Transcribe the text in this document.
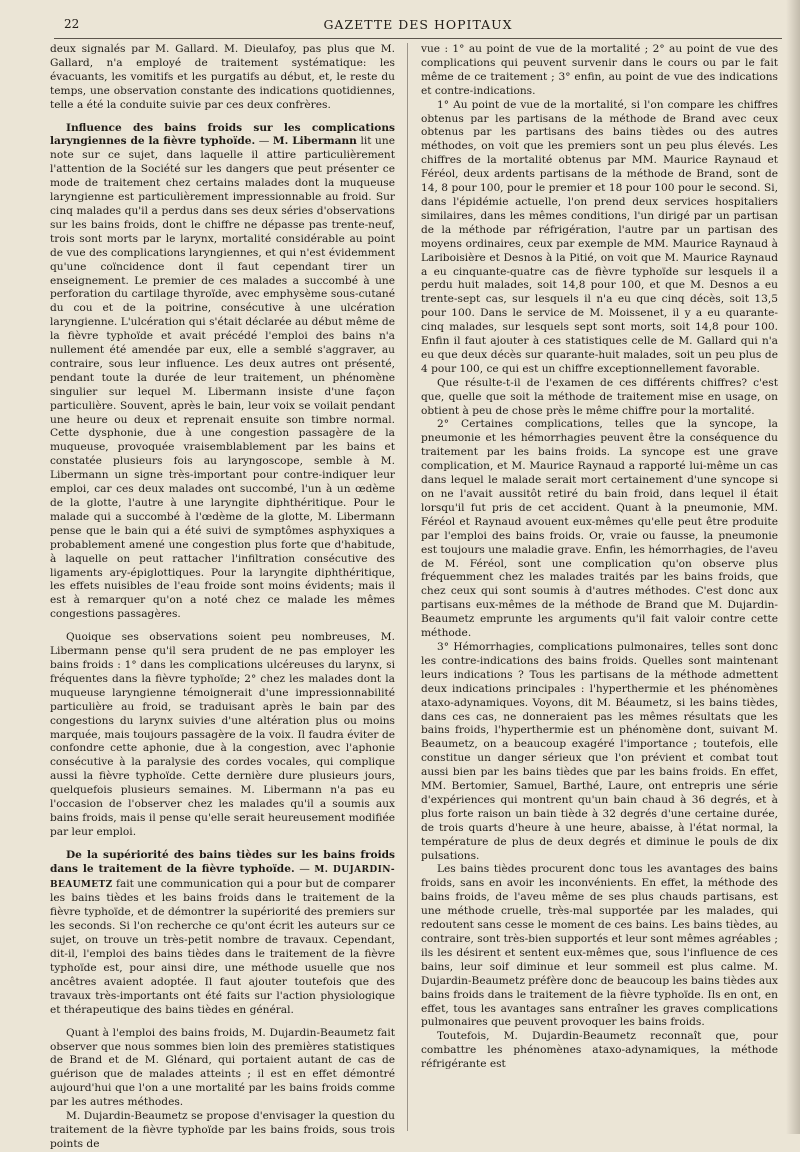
22	GAZETTE DES HOPITAUX

deux signalés par M. Gallard. M. Dieulafoy, pas plus que M. Gallard, n'a employé de traitement systématique: les évacuants, les vomitifs et les purgatifs au début, et, le reste du temps, une observation constante des indications quotidiennes, telle a été la conduite suivie par ces deux confrères.

Influence des bains froids sur les complications laryngiennes de la fièvre typhoïde. — M. Libermann lit une note sur ce sujet, dans laquelle il attire particulièrement l'attention de la Société sur les dangers que peut présenter ce mode de traitement chez certains malades dont la muqueuse laryngienne est particulièrement impressionnable au froid. Sur cinq malades qu'il a perdus dans ses deux séries d'observations sur les bains froids, dont le chiffre ne dépasse pas trente-neuf, trois sont morts par le larynx, mortalité considérable au point de vue des complications laryngiennes, et qui n'est évidemment qu'une coïncidence dont il faut cependant tirer un enseignement. Le premier de ces malades a succombé à une perforation du cartilage thyroïde, avec emphysème sous-cutané du cou et de la poitrine, consécutive à une ulcération laryngienne. L'ulcération qui s'était déclarée au début même de la fièvre typhoïde et avait précédé l'emploi des bains n'a nullement été amendée par eux, elle a semblé s'aggraver, au contraire, sous leur influence. Les deux autres ont présenté, pendant toute la durée de leur traitement, un phénomène singulier sur lequel M. Libermann insiste d'une façon particulière. Souvent, après le bain, leur voix se voilait pendant une heure ou deux et reprenait ensuite son timbre normal. Cette dysphonie, due à une congestion passagère de la muqueuse, provoquée vraisemblablement par les bains et constatée plusieurs fois au laryngoscope, semble à M. Libermann un signe très-important pour contre-indiquer leur emploi, car ces deux malades ont succombé, l'un à un œdème de la glotte, l'autre à une laryngite diphthéritique. Pour le malade qui a succombé à l'œdème de la glotte, M. Libermann pense que le bain qui a été suivi de symptômes asphyxiques a probablement amené une congestion plus forte que d'habitude, à laquelle on peut rattacher l'infiltration consécutive des ligaments ary-épiglottiques. Pour la laryngite diphthéritique, les effets nuisibles de l'eau froide sont moins évidents; mais il est à remarquer qu'on a noté chez ce malade les mêmes congestions passagères.

Quoique ses observations soient peu nombreuses, M. Libermann pense qu'il sera prudent de ne pas employer les bains froids : 1° dans les complications ulcéreuses du larynx, si fréquentes dans la fièvre typhoïde; 2° chez les malades dont la muqueuse laryngienne témoignerait d'une impressionnabilité particulière au froid, se traduisant après le bain par des congestions du larynx suivies d'une altération plus ou moins marquée, mais toujours passagère de la voix. Il faudra éviter de confondre cette aphonie, due à la congestion, avec l'aphonie consécutive à la paralysie des cordes vocales, qui complique aussi la fièvre typhoïde. Cette dernière dure plusieurs jours, quelquefois plusieurs semaines. M. Libermann n'a pas eu l'occasion de l'observer chez les malades qu'il a soumis aux bains froids, mais il pense qu'elle serait heureusement modifiée par leur emploi.

De la supériorité des bains tièdes sur les bains froids dans le traitement de la fièvre typhoïde. — M. DUJARDIN-BEAUMETZ fait une communication qui a pour but de comparer les bains tièdes et les bains froids dans le traitement de la fièvre typhoïde, et de démontrer la supériorité des premiers sur les seconds. Si l'on recherche ce qu'ont écrit les auteurs sur ce sujet, on trouve un très-petit nombre de travaux. Cependant, dit-il, l'emploi des bains tièdes dans le traitement de la fièvre typhoïde est, pour ainsi dire, une méthode usuelle que nos ancêtres avaient adoptée. Il faut ajouter toutefois que des travaux très-importants ont été faits sur l'action physiologique et thérapeutique des bains tièdes en général.

Quant à l'emploi des bains froids, M. Dujardin-Beaumetz fait observer que nous sommes bien loin des premières statistiques de Brand et de M. Glénard, qui portaient autant de cas de guérison que de malades atteints ; il est en effet démontré aujourd'hui que l'on a une mortalité par les bains froids comme par les autres méthodes.

M. Dujardin-Beaumetz se propose d'envisager la question du traitement de la fièvre typhoïde par les bains froids, sous trois points de

vue : 1° au point de vue de la mortalité ; 2° au point de vue des complications qui peuvent survenir dans le cours ou par le fait même de ce traitement ; 3° enfin, au point de vue des indications et contre-indications.

1° Au point de vue de la mortalité, si l'on compare les chiffres obtenus par les partisans de la méthode de Brand avec ceux obtenus par les partisans des bains tièdes ou des autres méthodes, on voit que les premiers sont un peu plus élevés. Les chiffres de la mortalité obtenus par MM. Maurice Raynaud et Féréol, deux ardents partisans de la méthode de Brand, sont de 14, 8 pour 100, pour le premier et 18 pour 100 pour le second. Si, dans l'épidémie actuelle, l'on prend deux services hospitaliers similaires, dans les mêmes conditions, l'un dirigé par un partisan de la méthode par réfrigération, l'autre par un partisan des moyens ordinaires, ceux par exemple de MM. Maurice Raynaud à Lariboisière et Desnos à la Pitié, on voit que M. Maurice Raynaud a eu cinquante-quatre cas de fièvre typhoïde sur lesquels il a perdu huit malades, soit 14,8 pour 100, et que M. Desnos a eu trente-sept cas, sur lesquels il n'a eu que cinq décès, soit 13,5 pour 100. Dans le service de M. Moissenet, il y a eu quarante-cinq malades, sur lesquels sept sont morts, soit 14,8 pour 100. Enfin il faut ajouter à ces statistiques celle de M. Gallard qui n'a eu que deux décès sur quarante-huit malades, soit un peu plus de 4 pour 100, ce qui est un chiffre exceptionnellement favorable.

Que résulte-t-il de l'examen de ces différents chiffres? c'est que, quelle que soit la méthode de traitement mise en usage, on obtient à peu de chose près le même chiffre pour la mortalité.

2° Certaines complications, telles que la syncope, la pneumonie et les hémorrhagies peuvent être la conséquence du traitement par les bains froids. La syncope est une grave complication, et M. Maurice Raynaud a rapporté lui-même un cas dans lequel le malade serait mort certainement d'une syncope si on ne l'avait aussitôt retiré du bain froid, dans lequel il était lorsqu'il fut pris de cet accident. Quant à la pneumonie, MM. Féréol et Raynaud avouent eux-mêmes qu'elle peut être produite par l'emploi des bains froids. Or, vraie ou fausse, la pneumonie est toujours une maladie grave. Enfin, les hémorrhagies, de l'aveu de M. Féréol, sont une complication qu'on observe plus fréquemment chez les malades traités par les bains froids, que chez ceux qui sont soumis à d'autres méthodes. C'est donc aux partisans eux-mêmes de la méthode de Brand que M. Dujardin-Beaumetz emprunte les arguments qu'il fait valoir contre cette méthode.

3° Hémorrhagies, complications pulmonaires, telles sont donc les contre-indications des bains froids. Quelles sont maintenant leurs indications ? Tous les partisans de la méthode admettent deux indications principales : l'hyperthermie et les phénomènes ataxo-adynamiques. Voyons, dit M. Béaumetz, si les bains tièdes, dans ces cas, ne donneraient pas les mêmes résultats que les bains froids, l'hyperthermie est un phénomène dont, suivant M. Beaumetz, on a beaucoup exagéré l'importance ; toutefois, elle constitue un danger sérieux que l'on prévient et combat tout aussi bien par les bains tièdes que par les bains froids. En effet, MM. Bertomier, Samuel, Barthé, Laure, ont entrepris une série d'expériences qui montrent qu'un bain chaud à 36 degrés, et à plus forte raison un bain tiède à 32 degrés d'une certaine durée, de trois quarts d'heure à une heure, abaisse, à l'état normal, la température de plus de deux degrés et diminue le pouls de dix pulsations.

Les bains tièdes procurent donc tous les avantages des bains froids, sans en avoir les inconvénients. En effet, la méthode des bains froids, de l'aveu même de ses plus chauds partisans, est une méthode cruelle, très-mal supportée par les malades, qui redoutent sans cesse le moment de ces bains. Les bains tièdes, au contraire, sont très-bien supportés et leur sont mêmes agréables ; ils les désirent et sentent eux-mêmes que, sous l'influence de ces bains, leur soif diminue et leur sommeil est plus calme. M. Dujardin-Beaumetz préfère donc de beaucoup les bains tièdes aux bains froids dans le traitement de la fièvre typhoïde. Ils en ont, en effet, tous les avantages sans entraîner les graves complications pulmonaires que peuvent provoquer les bains froids.

Toutefois, M. Dujardin-Beaumetz reconnaît que, pour combattre les phénomènes ataxo-adynamiques, la méthode réfrigérante est
